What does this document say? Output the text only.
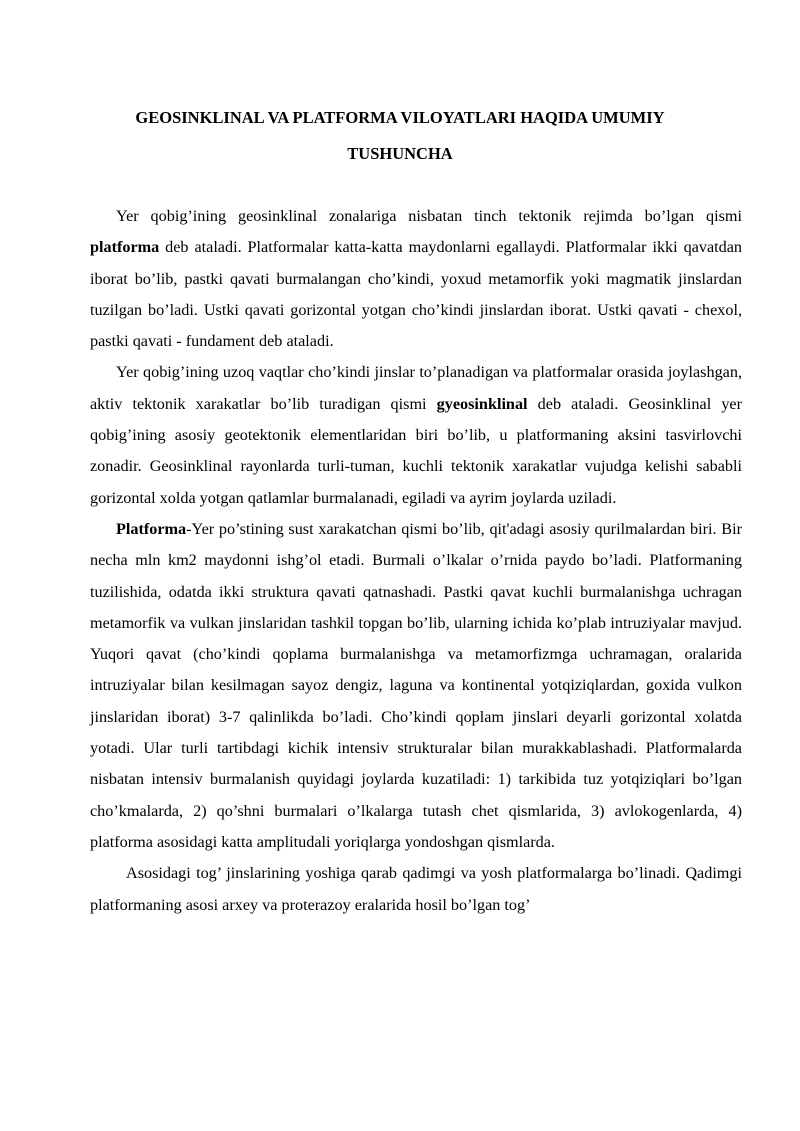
GEOSINKLINAL VA PLATFORMA VILOYATLARI HAQIDA UMUMIY TUSHUNCHA

Yer qobig’ining geosinklinal zonalariga nisbatan tinch tektonik rejimda bo’lgan qismi platforma deb ataladi. Platformalar katta-katta maydonlarni egallaydi. Platformalar ikki qavatdan iborat bo’lib, pastki qavati burmalangan cho’kindi, yoxud metamorfik yoki magmatik jinslardan tuzilgan bo’ladi. Ustki qavati gorizontal yotgan cho’kindi jinslardan iborat. Ustki qavati - chexol, pastki qavati - fundament deb ataladi.

Yer qobig’ining uzoq vaqtlar cho’kindi jinslar to’planadigan va platformalar orasida joylashgan, aktiv tektonik xarakatlar bo’lib turadigan qismi gyeosinklinal deb ataladi. Geosinklinal yer qobig’ining asosiy geotektonik elementlaridan biri bo’lib, u platformaning aksini tasvirlovchi zonadir. Geosinklinal rayonlarda turli-tuman, kuchli tektonik xarakatlar vujudga kelishi sababli gorizontal xolda yotgan qatlamlar burmalanadi, egiladi va ayrim joylarda uziladi.

Platforma-Yer po’stining sust xarakatchan qismi bo’lib, qit'adagi asosiy qurilmalardan biri. Bir necha mln km2 maydonni ishg’ol etadi. Burmali o’lkalar o’rnida paydo bo’ladi. Platformaning tuzilishida, odatda ikki struktura qavati qatnashadi. Pastki qavat kuchli burmalanishga uchragan metamorfik va vulkan jinslaridan tashkil topgan bo’lib, ularning ichida ko’plab intruziyalar mavjud. Yuqori qavat (cho’kindi qoplama burmalanishga va metamorfizmga uchramagan, oralarida intruziyalar bilan kesilmagan sayoz dengiz, laguna va kontinental yotqiziqlardan, goxida vulkon jinslaridan iborat) 3-7 qalinlikda bo’ladi. Cho’kindi qoplam jinslari deyarli gorizontal xolatda yotadi. Ular turli tartibdagi kichik intensiv strukturalar bilan murakkablashadi. Platformalarda nisbatan intensiv burmalanish quyidagi joylarda kuzatiladi: 1) tarkibida tuz yotqiziqlari bo’lgan cho’kmalarda, 2) qo’shni burmalari o’lkalarga tutash chet qismlarida, 3) avlokogenlarda, 4) platforma asosidagi katta amplitudali yoriqlarga yondoshgan qismlarda.

Asosidagi tog’ jinslarining yoshiga qarab qadimgi va yosh platformalarga bo’linadi. Qadimgi platformaning asosi arxey va proterazoy eralarida hosil bo’lgan tog’
